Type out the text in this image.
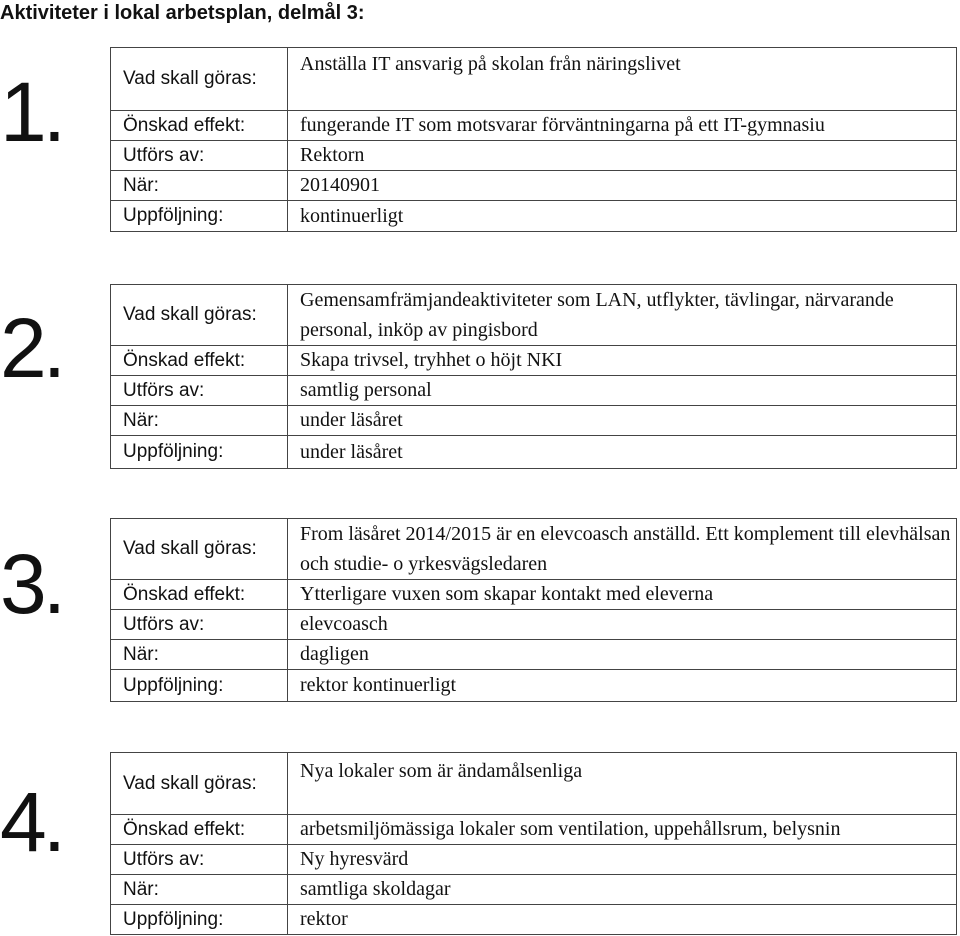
Aktiviteter i lokal arbetsplan, delmål 3:
1.	Vad skall göras:	Anställa IT ansvarig på skolan från näringslivet
Önskad effekt:	fungerande IT som motsvarar förväntningarna på ett IT-gymnasiu
Utförs av:	Rektorn
När:	20140901
Uppföljning:	kontinuerligt
2.	Vad skall göras:	Gemensamfrämjandeaktiviteter som LAN, utflykter, tävlingar, närvarande personal, inköp av pingisbord
Önskad effekt:	Skapa trivsel, tryhhet o höjt NKI
Utförs av:	samtlig personal
När:	under läsåret
Uppföljning:	under läsåret
3.	Vad skall göras:	From läsåret 2014/2015 är en elevcoasch anställd. Ett komplement till elevhälsan och studie- o yrkesvägsledaren
Önskad effekt:	Ytterligare vuxen som skapar kontakt med eleverna
Utförs av:	elevcoasch
När:	dagligen
Uppföljning:	rektor kontinuerligt
4.	Vad skall göras:	Nya lokaler som är ändamålsenliga
Önskad effekt:	arbetsmiljömässiga lokaler som ventilation, uppehållsrum, belysnin
Utförs av:	Ny hyresvärd
När:	samtliga skoldagar
Uppföljning:	rektor
